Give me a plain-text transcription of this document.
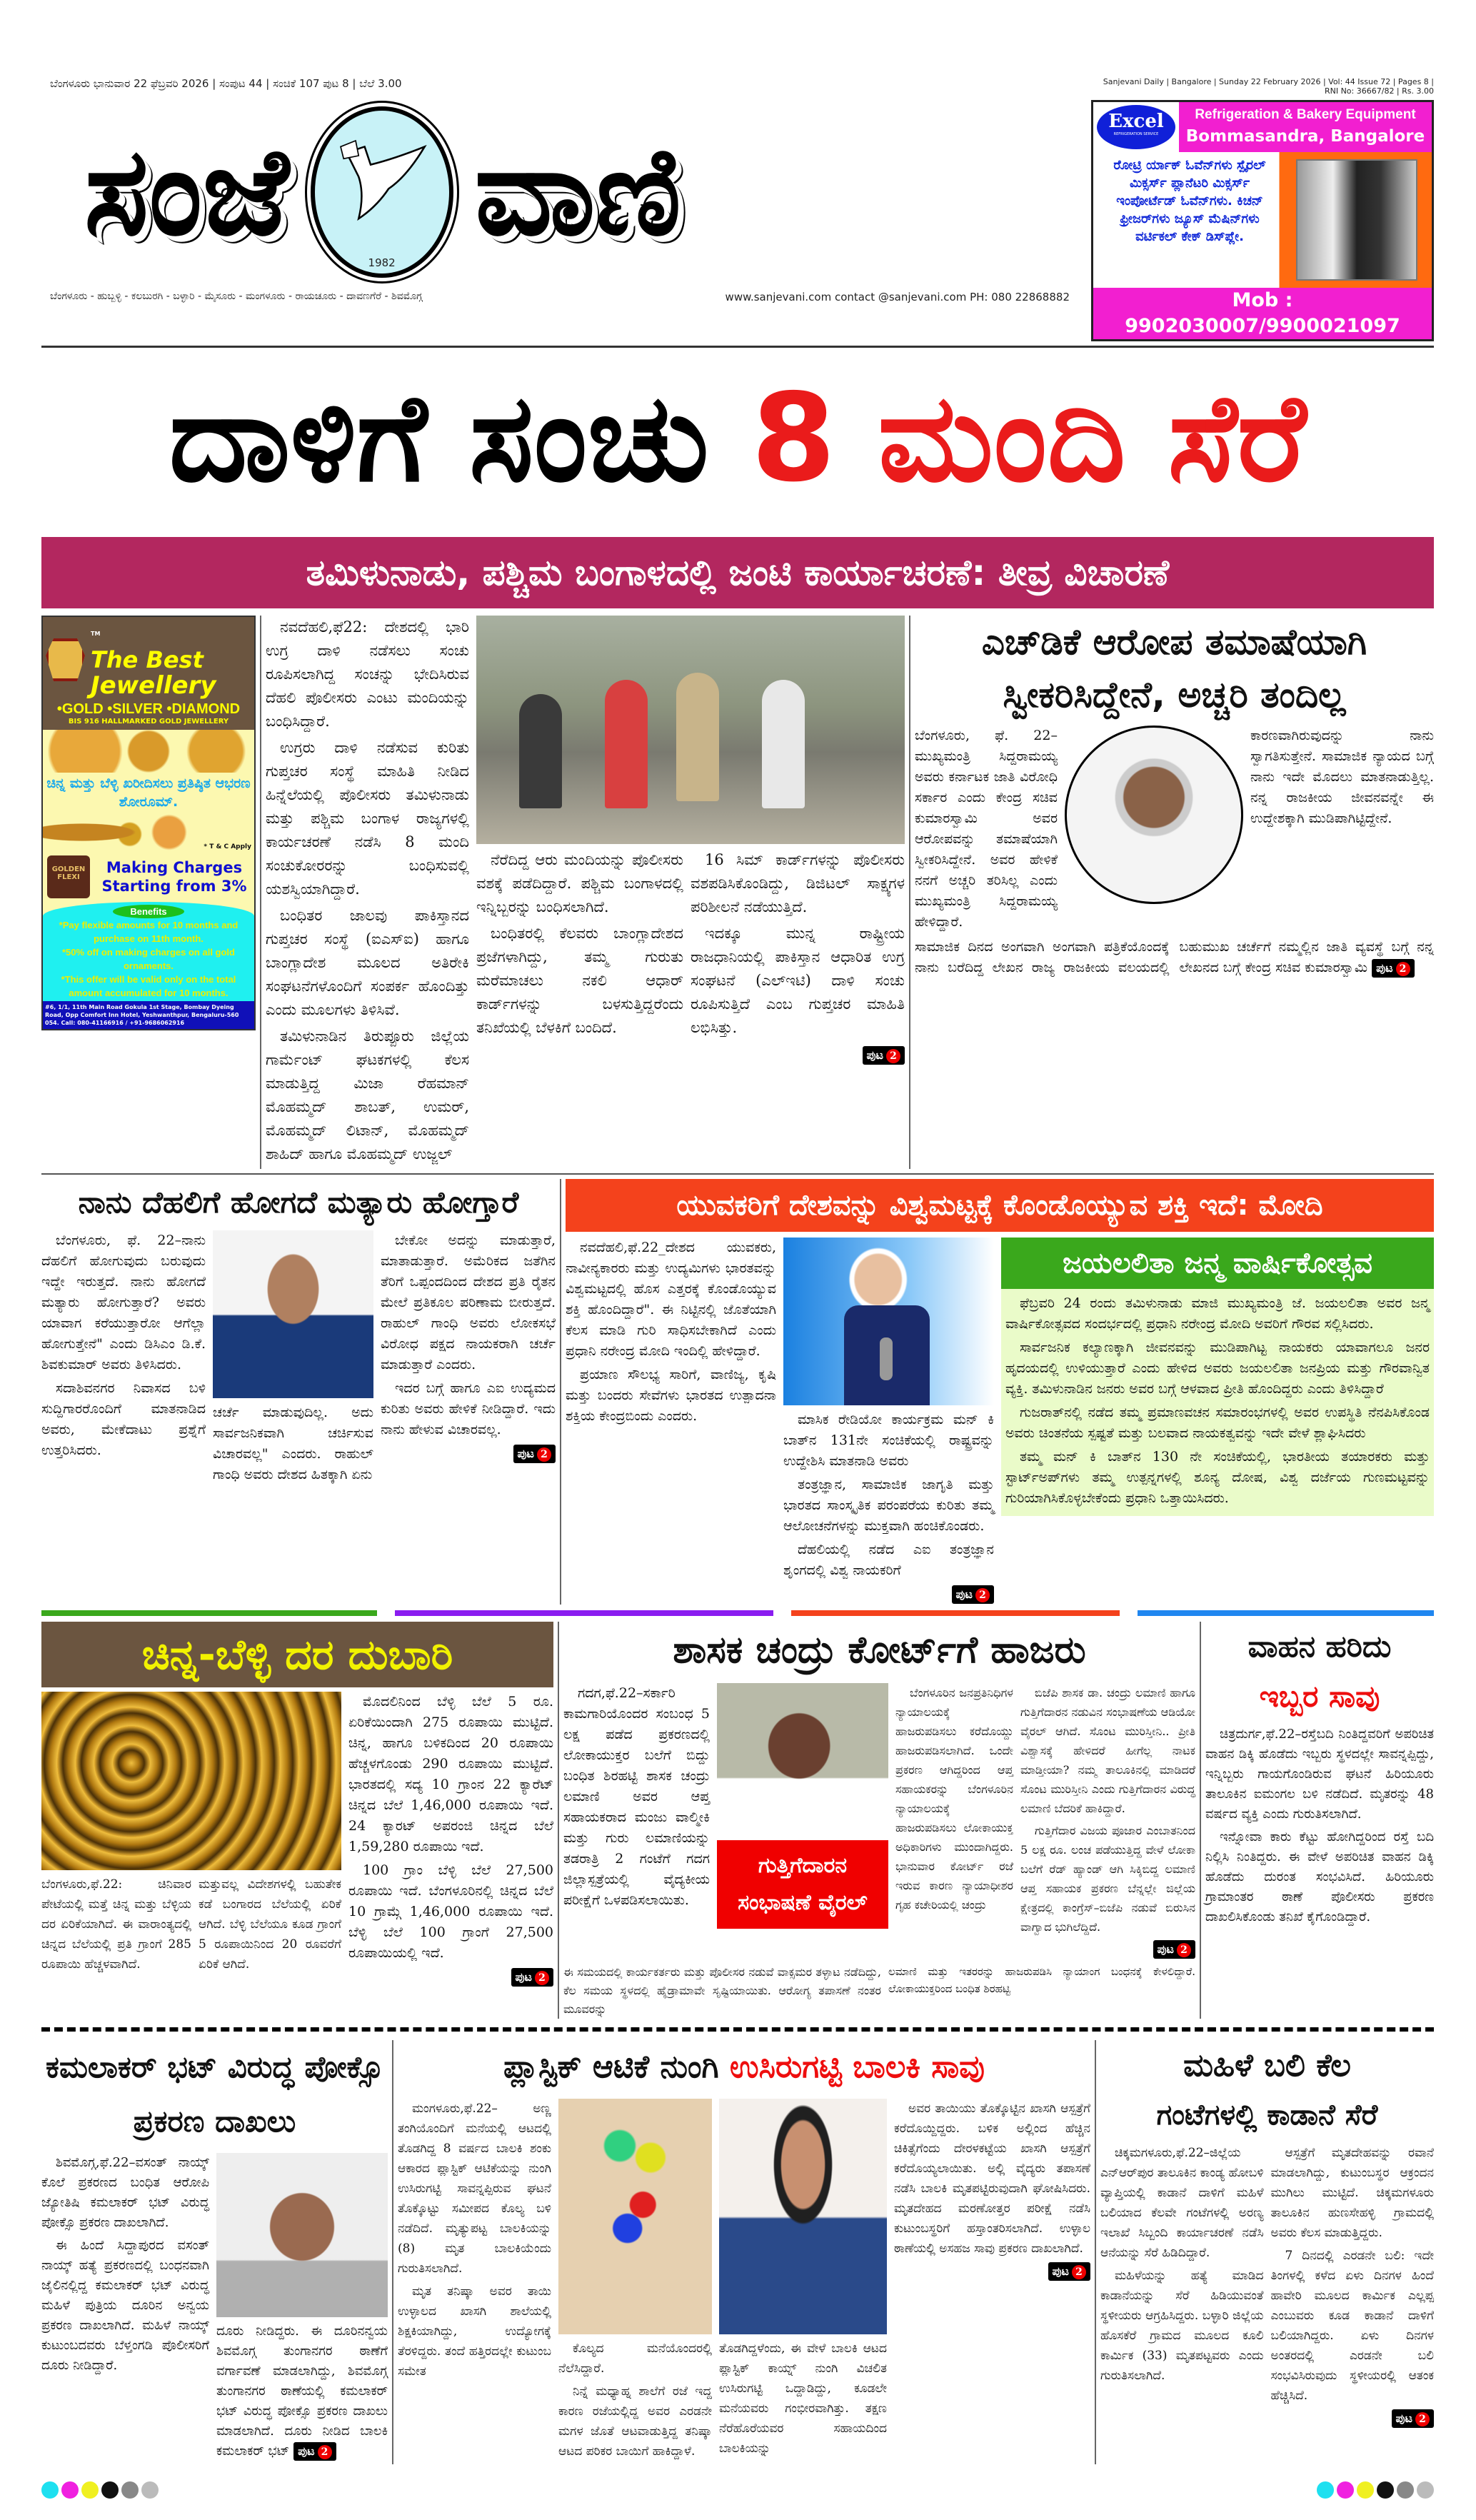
ಬೆಂಗಳೂರು ಭಾನುವಾರ 22 ಫೆಬ್ರವರಿ 2026 | ಸಂಪುಟ 44 | ಸಂಚಿಕೆ 107 ಪುಟ 8 | ಬೆಲೆ 3.00
ಸಂಜೆ	1982 ವಾಣಿ
ಬೆಂಗಳೂರು - ಹುಬ್ಬಳ್ಳಿ - ಕಲಬುರಗಿ - ಬಳ್ಳಾರಿ - ಮೈಸೂರು - ಮಂಗಳೂರು - ರಾಯಚೂರು - ದಾವಣಗೆರೆ - ಶಿವಮೊಗ್ಗ	www.sanjevani.com contact @sanjevani.com PH: 080 22868882
Sanjevani Daily | Bangalore | Sunday 22 February 2026 | Vol: 44 Issue 72 | Pages 8 | RNI No: 36667/82 | Rs. 3.00
Excel
REFRIGERATION SERVICE
Refrigeration & Bakery Equipment
Bommasandra, Bangalore
ರೋಟ್ರಿ ರ್ಯಾಕ್ ಓವೆನ್‌ಗಳು ಸ್ಪೈರಲ್ ಮಿಕ್ಸರ್ಸ್ ಪ್ಲಾನೆಟರಿ ಮಿಕ್ಸರ್ಸ್ ಇಂಪೋರ್ಟೆಡ್ ಓವೆನ್‌ಗಳು. ಕಿಚನ್ ಫ್ರೀಜರ್‌ಗಳು ಜ್ಯೂಸ್ ಮೆಷಿನ್‌ಗಳು ವರ್ಟಿಕಲ್ ಕೇಕ್ ಡಿಸ್‌ಪ್ಲೇ.
Mob : 9902030007/9900021097
ದಾಳಿಗೆ ಸಂಚು 8 ಮಂದಿ ಸೆರೆ
ತಮಿಳುನಾಡು, ಪಶ್ಚಿಮ ಬಂಗಾಳದಲ್ಲಿ ಜಂಟಿ ಕಾರ್ಯಾಚರಣೆ: ತೀವ್ರ ವಿಚಾರಣೆ
™
The Best
Jewellery
•GOLD •SILVER •DIAMOND
BIS 916 HALLMARKED GOLD JEWELLERY
ಚಿನ್ನ ಮತ್ತು ಬೆಳ್ಳಿ ಖರೀದಿಸಲು ಪ್ರತಿಷ್ಠಿತ ಆಭರಣ ಶೋರೂಮ್.
* T & C Apply
GOLDEN FLEXI
Making Charges Starting from 3%
Benefits
*Pay flexible amounts for 10 months and purchase on 11th month.
*50% off on making charges on all gold ornaments.
*This offer will be valid only on the total amount accumulated for 10 months.
#6, 1/1, 11th Main Road Gokula 1st Stage, Bombay Dyeing Road, Opp Comfort Inn Hotel, Yeshwanthpur, Bengaluru-560 054. Call: 080-41166916 / +91-9686062916

ನವದೆಹಲಿ,ಫೆ22: ದೇಶದಲ್ಲಿ ಭಾರಿ ಉಗ್ರ ದಾಳಿ ನಡೆಸಲು ಸಂಚು ರೂಪಿಸಲಾಗಿದ್ದ ಸಂಚನ್ನು ಭೇದಿಸಿರುವ ದೆಹಲಿ ಪೊಲೀಸರು ಎಂಟು ಮಂದಿಯನ್ನು ಬಂಧಿಸಿದ್ದಾರೆ.

ಉಗ್ರರು ದಾಳಿ ನಡೆಸುವ ಕುರಿತು ಗುಪ್ತಚರ ಸಂಸ್ಥೆ ಮಾಹಿತಿ ನೀಡಿದ ಹಿನ್ನೆಲೆಯಲ್ಲಿ ಪೊಲೀಸರು ತಮಿಳುನಾಡು ಮತ್ತು ಪಶ್ಚಿಮ ಬಂಗಾಳ ರಾಜ್ಯಗಳಲ್ಲಿ ಕಾರ್ಯಚರಣೆ ನಡೆಸಿ 8 ಮಂದಿ ಸಂಚುಕೋರರನ್ನು ಬಂಧಿಸುವಲ್ಲಿ ಯಶಸ್ವಿಯಾಗಿದ್ದಾರೆ.

ಬಂಧಿತರ ಜಾಲವು ಪಾಕಿಸ್ತಾನದ ಗುಪ್ತಚರ ಸಂಸ್ಥೆ (ಐಎಸ್‌ಐ) ಹಾಗೂ ಬಾಂಗ್ಲಾದೇಶ ಮೂಲದ ಅತಿರೇಕಿ ಸಂಘಟನೆಗಳೊಂದಿಗೆ ಸಂಪರ್ಕ ಹೊಂದಿತ್ತು ಎಂದು ಮೂಲಗಳು ತಿಳಿಸಿವೆ.

ತಮಿಳುನಾಡಿನ ತಿರುಪ್ಪೂರು ಜಿಲ್ಲೆಯ ಗಾರ್ಮೆಂಟ್ ಘಟಕಗಳಲ್ಲಿ ಕೆಲಸ ಮಾಡುತ್ತಿದ್ದ ಮಿಜಾ ರೆಹಮಾನ್ ಮೊಹಮ್ಮದ್ ಶಾಬತ್, ಉಮರ್, ಮೊಹಮ್ಮದ್ ಲಿಟಾನ್, ಮೊಹಮ್ಮದ್ ಶಾಹಿದ್ ಹಾಗೂ ಮೊಹಮ್ಮದ್ ಉಜ್ಜಲ್

ನೆರೆದಿದ್ದ ಆರು ಮಂದಿಯನ್ನು ಪೊಲೀಸರು ವಶಕ್ಕೆ ಪಡೆದಿದ್ದಾರೆ. ಪಶ್ಚಿಮ ಬಂಗಾಳದಲ್ಲಿ ಇನ್ನಿಬ್ಬರನ್ನು ಬಂಧಿಸಲಾಗಿದೆ.

ಬಂಧಿತರಲ್ಲಿ ಕೆಲವರು ಬಾಂಗ್ಲಾದೇಶದ ಪ್ರಜೆಗಳಾಗಿದ್ದು, ತಮ್ಮ ಗುರುತು ಮರೆಮಾಚಲು ನಕಲಿ ಆಧಾರ್ ಕಾರ್ಡ್‌ಗಳನ್ನು ಬಳಸುತ್ತಿದ್ದರೆಂದು ತನಿಖೆಯಲ್ಲಿ ಬೆಳಕಿಗೆ ಬಂದಿದೆ.

16 ಸಿಮ್ ಕಾರ್ಡ್‌ಗಳನ್ನು ಪೊಲೀಸರು ವಶಪಡಿಸಿಕೊಂಡಿದ್ದು, ಡಿಜಿಟಲ್ ಸಾಕ್ಷ್ಯಗಳ ಪರಿಶೀಲನೆ ನಡೆಯುತ್ತಿದೆ.

ಇದಕ್ಕೂ ಮುನ್ನ ರಾಷ್ಟ್ರೀಯ ರಾಜಧಾನಿಯಲ್ಲಿ ಪಾಕಿಸ್ತಾನ ಆಧಾರಿತ ಉಗ್ರ ಸಂಘಟನೆ (ಎಲ್‌ಇಟಿ) ದಾಳಿ ಸಂಚು ರೂಪಿಸುತ್ತಿದೆ ಎಂಬ ಗುಪ್ತಚರ ಮಾಹಿತಿ ಲಭಿಸಿತ್ತು.

ಪುಟ 2
ಎಚ್‌ಡಿಕೆ ಆರೋಪ ತಮಾಷೆಯಾಗಿ ಸ್ವೀಕರಿಸಿದ್ದೇನೆ, ಅಚ್ಚರಿ ತಂದಿಲ್ಲ
ಬೆಂಗಳೂರು, ಫೆ. 22– ಮುಖ್ಯಮಂತ್ರಿ ಸಿದ್ದರಾಮಯ್ಯ ಅವರು ಕರ್ನಾಟಕ ಜಾತಿ ವಿರೋಧಿ ಸರ್ಕಾರ ಎಂದು ಕೇಂದ್ರ ಸಚಿವ ಕುಮಾರಸ್ವಾಮಿ ಅವರ ಆರೋಪವನ್ನು ತಮಾಷೆಯಾಗಿ ಸ್ವೀಕರಿಸಿದ್ದೇನೆ. ಅವರ ಹೇಳಿಕೆ ನನಗೆ ಅಚ್ಚರಿ ತರಿಸಿಲ್ಲ ಎಂದು ಮುಖ್ಯಮಂತ್ರಿ ಸಿದ್ದರಾಮಯ್ಯ ಹೇಳಿದ್ದಾರೆ.
ಕಾರಣವಾಗಿರುವುದನ್ನು ನಾನು ಸ್ವಾಗತಿಸುತ್ತೇನೆ. ಸಾಮಾಜಿಕ ನ್ಯಾಯದ ಬಗ್ಗೆ ನಾನು ಇದೇ ಮೊದಲು ಮಾತನಾಡುತ್ತಿಲ್ಲ. ನನ್ನ ರಾಜಕೀಯ ಜೀವನವನ್ನೇ ಈ ಉದ್ದೇಶಕ್ಕಾಗಿ ಮುಡಿಪಾಗಿಟ್ಟಿದ್ದೇನೆ.
ಸಾಮಾಜಿಕ ದಿನದ ಅಂಗವಾಗಿ ಅಂಗವಾಗಿ ಪತ್ರಿಕೆಯೊಂದಕ್ಕೆ ನಾನು ಬರೆದಿದ್ದ ಲೇಖನ ರಾಜ್ಯ ರಾಜಕೀಯ ವಲಯದಲ್ಲಿ ಬಹುಮುಖ ಚರ್ಚೆಗೆ ನಮ್ಮಲ್ಲಿನ ಜಾತಿ ವ್ಯವಸ್ಥೆ ಬಗ್ಗೆ ನನ್ನ ಲೇಖನದ ಬಗ್ಗೆ ಕೇಂದ್ರ ಸಚಿವ ಕುಮಾರಸ್ವಾಮಿ ಪುಟ 2
ನಾನು ದೆಹಲಿಗೆ ಹೋಗದೆ ಮತ್ಯಾರು ಹೋಗ್ತಾರೆ

ಬೆಂಗಳೂರು, ಫೆ. 22–ನಾನು ದೆಹಲಿಗೆ ಹೋಗುವುದು ಬರುವುದು ಇದ್ದೇ ಇರುತ್ತದೆ. ನಾನು ಹೋಗದೆ ಮತ್ಯಾರು ಹೋಗುತ್ತಾರೆ? ಅವರು ಯಾವಾಗ ಕರೆಯುತ್ತಾರೋ ಆಗೆಲ್ಲಾ ಹೋಗುತ್ತೇನೆ" ಎಂದು ಡಿಸಿಎಂ ಡಿ.ಕೆ. ಶಿವಕುಮಾರ್ ಅವರು ತಿಳಿಸಿದರು.

ಸದಾಶಿವನಗರ ನಿವಾಸದ ಬಳಿ ಸುದ್ದಿಗಾರರೊಂದಿಗೆ ಮಾತನಾಡಿದ ಅವರು, ಮೇಕೆದಾಟು ಪ್ರಶ್ನೆಗೆ ಉತ್ತರಿಸಿದರು.

ಚರ್ಚೆ ಮಾಡುವುದಿಲ್ಲ. ಅದು ಸಾರ್ವಜನಿಕವಾಗಿ ಚರ್ಚಿಸುವ ವಿಚಾರವಲ್ಲ" ಎಂದರು. ರಾಹುಲ್ ಗಾಂಧಿ ಅವರು ದೇಶದ ಹಿತಕ್ಕಾಗಿ ಏನು

ಬೇಕೋ ಅದನ್ನು ಮಾಡುತ್ತಾರೆ, ಮಾತಾಡುತ್ತಾರೆ. ಅಮೆರಿಕದ ಜತೆಗಿನ ತೆರಿಗೆ ಒಪ್ಪಂದದಿಂದ ದೇಶದ ಪ್ರತಿ ರೈತನ ಮೇಲೆ ಪ್ರತಿಕೂಲ ಪರಿಣಾಮ ಬೀರುತ್ತದೆ. ರಾಹುಲ್ ಗಾಂಧಿ ಅವರು ಲೋಕಸಭೆ ವಿರೋಧ ಪಕ್ಷದ ನಾಯಕರಾಗಿ ಚರ್ಚೆ ಮಾಡುತ್ತಾರೆ ಎಂದರು.

ಇದರ ಬಗ್ಗೆ ಹಾಗೂ ಎಐ ಉದ್ಯಮದ ಕುರಿತು ಅವರು ಹೇಳಿಕೆ ನೀಡಿದ್ದಾರೆ. ಇದು ನಾನು ಹೇಳುವ ವಿಚಾರವಲ್ಲ.

ಪುಟ 2
ಯುವಕರಿಗೆ ದೇಶವನ್ನು ವಿಶ್ವಮಟ್ಟಕ್ಕೆ ಕೊಂಡೊಯ್ಯುವ ಶಕ್ತಿ ಇದೆ: ಮೋದಿ

ನವದೆಹಲಿ,ಫೆ.22_ದೇಶದ ಯುವಕರು, ನಾವೀನ್ಯಕಾರರು ಮತ್ತು ಉದ್ಯಮಿಗಳು ಭಾರತವನ್ನು ವಿಶ್ವಮಟ್ಟದಲ್ಲಿ ಹೊಸ ಎತ್ತರಕ್ಕೆ ಕೊಂಡೊಯ್ಯುವ ಶಕ್ತಿ ಹೊಂದಿದ್ದಾರೆ". ಈ ನಿಟ್ಟಿನಲ್ಲಿ ಜೊತೆಯಾಗಿ ಕೆಲಸ ಮಾಡಿ ಗುರಿ ಸಾಧಿಸಬೇಕಾಗಿದೆ ಎಂದು ಪ್ರಧಾನಿ ನರೇಂದ್ರ ಮೋದಿ ಇಂದಿಲ್ಲಿ ಹೇಳಿದ್ದಾರೆ.

ಪ್ರಯಾಣ ಸೌಲಭ್ಯ ಸಾರಿಗೆ, ವಾಣಿಜ್ಯ, ಕೃಷಿ ಮತ್ತು ಬಂದರು ಸೇವೆಗಳು ಭಾರತದ ಉತ್ಪಾದನಾ ಶಕ್ತಿಯ ಕೇಂದ್ರಬಿಂದು ಎಂದರು.	ಮಾಸಿಕ ರೇಡಿಯೋ ಕಾರ್ಯಕ್ರಮ ಮನ್ ಕಿ ಬಾತ್‌ನ 131ನೇ ಸಂಚಿಕೆಯಲ್ಲಿ ರಾಷ್ಟ್ರವನ್ನು ಉದ್ದೇಶಿಸಿ ಮಾತನಾಡಿ ಅವರು

ತಂತ್ರಜ್ಞಾನ, ಸಾಮಾಜಿಕ ಜಾಗೃತಿ ಮತ್ತು ಭಾರತದ ಸಾಂಸ್ಕೃತಿಕ ಪರಂಪರೆಯ ಕುರಿತು ತಮ್ಮ ಆಲೋಚನೆಗಳನ್ನು ಮುಕ್ತವಾಗಿ ಹಂಚಿಕೊಂಡರು.

ದೆಹಲಿಯಲ್ಲಿ ನಡೆದ ಎಐ ತಂತ್ರಜ್ಞಾನ ಶೃಂಗದಲ್ಲಿ ವಿಶ್ವ ನಾಯಕರಿಗೆ

ಪುಟ 2
ಜಯಲಲಿತಾ ಜನ್ಮ ವಾರ್ಷಿಕೋತ್ಸವ

ಫೆಬ್ರವರಿ 24 ರಂದು ತಮಿಳುನಾಡು ಮಾಜಿ ಮುಖ್ಯಮಂತ್ರಿ ಜೆ. ಜಯಲಲಿತಾ ಅವರ ಜನ್ಮ ವಾರ್ಷಿಕೋತ್ಸವದ ಸಂದರ್ಭದಲ್ಲಿ ಪ್ರಧಾನಿ ನರೇಂದ್ರ ಮೋದಿ ಅವರಿಗೆ ಗೌರವ ಸಲ್ಲಿಸಿದರು.

ಸಾರ್ವಜನಿಕ ಕಲ್ಯಾಣಕ್ಕಾಗಿ ಜೀವನವನ್ನು ಮುಡಿಪಾಗಿಟ್ಟ ನಾಯಕರು ಯಾವಾಗಲೂ ಜನರ ಹೃದಯದಲ್ಲಿ ಉಳಿಯುತ್ತಾರೆ ಎಂದು ಹೇಳಿದ ಅವರು ಜಯಲಲಿತಾ ಜನಪ್ರಿಯ ಮತ್ತು ಗೌರವಾನ್ವಿತ ವ್ಯಕ್ತಿ. ತಮಿಳುನಾಡಿನ ಜನರು ಅವರ ಬಗ್ಗೆ ಆಳವಾದ ಪ್ರೀತಿ ಹೊಂದಿದ್ದರು ಎಂದು ತಿಳಿಸಿದ್ದಾರೆ

ಗುಜರಾತ್‌ನಲ್ಲಿ ನಡೆದ ತಮ್ಮ ಪ್ರಮಾಣವಚನ ಸಮಾರಂಭಗಳಲ್ಲಿ ಅವರ ಉಪಸ್ಥಿತಿ ನೆನಪಿಸಿಕೊಂಡ ಅವರು ಚಿಂತನೆಯ ಸ್ಪಷ್ಟತೆ ಮತ್ತು ಬಲವಾದ ನಾಯಕತ್ವವನ್ನು ಇದೇ ವೇಳೆ ಶ್ಲಾಘಿಸಿದರು

ತಮ್ಮ ಮನ್ ಕಿ ಬಾತ್‌ನ 130 ನೇ ಸಂಚಿಕೆಯಲ್ಲಿ, ಭಾರತೀಯ ತಯಾರಕರು ಮತ್ತು ಸ್ಟಾರ್ಟ್‌ಅಪ್‌ಗಳು ತಮ್ಮ ಉತ್ಪನ್ನಗಳಲ್ಲಿ ಶೂನ್ಯ ದೋಷ, ವಿಶ್ವ ದರ್ಜೆಯ ಗುಣಮಟ್ಟವನ್ನು ಗುರಿಯಾಗಿಸಿಕೊಳ್ಳಬೇಕೆಂದು ಪ್ರಧಾನಿ ಒತ್ತಾಯಿಸಿದರು.

ಚಿನ್ನ-ಬೆಳ್ಳಿ ದರ ದುಬಾರಿ
ಬೆಂಗಳೂರು,ಫೆ.22: ಚಿನಿವಾರ ಪೇಟೆಯಲ್ಲಿ ಮತ್ತೆ ಚಿನ್ನ ಮತ್ತು ಬೆಳ್ಳಿಯ ದರ ಏರಿಕೆಯಾಗಿದೆ. ಈ ವಾರಾಂತ್ಯದಲ್ಲಿ ಚಿನ್ನದ ಬೆಲೆಯಲ್ಲಿ ಪ್ರತಿ ಗ್ರಾಂಗೆ 285 ರೂಪಾಯಿ ಹೆಚ್ಚಳವಾಗಿದೆ.
ಮತ್ತುವಲ್ಲ ವಿದೇಶಗಳಲ್ಲಿ ಬಹುತೇಕ ಕಡೆ ಬಂಗಾರದ ಬೆಲೆಯಲ್ಲಿ ಏರಿಕೆ ಆಗಿದೆ. ಬೆಳ್ಳಿ ಬೆಲೆಯೂ ಕೂಡ ಗ್ರಾಂಗೆ 5 ರೂಪಾಯಿನಿಂದ 20 ರೂವರೆಗೆ ಏರಿಕೆ ಆಗಿದೆ.

ಮೊದಲಿನಿಂದ ಬೆಳ್ಳಿ ಬೆಲೆ 5 ರೂ. ಏರಿಕೆಯಿಂದಾಗಿ 275 ರೂಪಾಯಿ ಮುಟ್ಟಿದೆ. ಚಿನ್ನ, ಹಾಗೂ ಬಳಿಕದಿಂದ 20 ರೂಪಾಯಿ ಹೆಚ್ಚಳಗೊಂಡು 290 ರೂಪಾಯಿ ಮುಟ್ಟಿದೆ. ಭಾರತದಲ್ಲಿ ಸದ್ಯ 10 ಗ್ರಾಂನ 22 ಕ್ಯಾರೆಟ್ ಚಿನ್ನದ ಬೆಲೆ 1,46,000 ರೂಪಾಯಿ ಇದೆ. 24 ಕ್ಯಾರಟ್ ಅಪರಂಜಿ ಚಿನ್ನದ ಬೆಲೆ 1,59,280 ರೂಪಾಯಿ ಇದೆ.

100 ಗ್ರಾಂ ಬೆಳ್ಳಿ ಬೆಲೆ 27,500 ರೂಪಾಯಿ ಇದೆ. ಬೆಂಗಳೂರಿನಲ್ಲಿ ಚಿನ್ನದ ಬೆಲೆ 10 ಗ್ರಾಮ್ಗೆ 1,46,000 ರೂಪಾಯಿ ಇದೆ. ಬೆಳ್ಳಿ ಬೆಲೆ 100 ಗ್ರಾಂಗೆ 27,500 ರೂಪಾಯಿಯಲ್ಲಿ ಇದೆ.

ಪುಟ 2
ಶಾಸಕ ಚಂದ್ರು ಕೋರ್ಟ್‌ಗೆ ಹಾಜರು

ಗದಗ,ಫೆ.22–ಸರ್ಕಾರಿ ಕಾಮಗಾರಿಯೊಂದರ ಸಂಬಂಧ 5 ಲಕ್ಷ ಪಡೆದ ಪ್ರಕರಣದಲ್ಲಿ ಲೋಕಾಯುಕ್ತರ ಬಲೆಗೆ ಬಿದ್ದು ಬಂಧಿತ ಶಿರಹಟ್ಟಿ ಶಾಸಕ ಚಂದ್ರು ಲಮಾಣಿ ಅವರ ಆಪ್ತ ಸಹಾಯಕರಾದ ಮಂಜು ವಾಲ್ಮೀಕಿ ಮತ್ತು ಗುರು ಲಮಾಣಿಯನ್ನು ತಡರಾತ್ರಿ 2 ಗಂಟೆಗೆ ಗದಗ ಜಿಲ್ಲಾಸ್ಪತ್ರೆಯಲ್ಲಿ ವೈದ್ಯಕೀಯ ಪರೀಕ್ಷೆಗೆ ಒಳಪಡಿಸಲಾಯಿತು.

ಗುತ್ತಿಗೆದಾರನ ಸಂಭಾಷಣೆ ವೈರಲ್

ಬೆಂಗಳೂರಿನ ಜನಪ್ರತಿನಿಧಿಗಳ ನ್ಯಾಯಾಲಯಕ್ಕೆ ಹಾಜರುಪಡಿಸಲು ಕರೆದೊಯ್ದು ಹಾಜರುಪಡಿಸಲಾಗಿದೆ. ಒಂದೇ ಪ್ರಕರಣ ಆಗಿದ್ದರಿಂದ ಆಪ್ತ ಸಹಾಯಕರನ್ನು ಬೆಂಗಳೂರಿನ ನ್ಯಾಯಾಲಯಕ್ಕೆ ಹಾಜರುಪಡಿಸಲು ಲೋಕಾಯುಕ್ತ ಅಧಿಕಾರಿಗಳು ಮುಂದಾಗಿದ್ದರು. ಭಾನುವಾರ ಕೋರ್ಟ್ ರಜೆ ಇರುವ ಕಾರಣ ನ್ಯಾಯಾಧೀಶರ ಗೃಹ ಕಚೇರಿಯಲ್ಲಿ ಚಂದ್ರು

ಬಿಜೆಪಿ ಶಾಸಕ ಡಾ. ಚಂದ್ರು ಲಮಾಣಿ ಹಾಗೂ ಗುತ್ತಿಗೆದಾರನ ನಡುವಿನ ಸಂಭಾಷಣೆಯ ಆಡಿಯೋ ವೈರಲ್ ಆಗಿದೆ. ಸೊಂಟ ಮುರಿಸ್ತೀನಿ.. ಪ್ರೀತಿ ವಿಶ್ವಾಸಕ್ಕೆ ಹೇಳಿದರೆ ಹೀಗೆಲ್ಲ ನಾಟಕ ಮಾಡ್ತೀಯಾ? ನಮ್ಮ ತಾಲೂಕಿನಲ್ಲಿ ಮಾಡಿದರೆ ಸೊಂಟ ಮುರಿಸ್ತೀನಿ ಎಂದು ಗುತ್ತಿಗೆದಾರನ ವಿರುದ್ಧ ಲಮಾಣಿ ಬೆದರಿಕೆ ಹಾಕಿದ್ದಾರೆ.

ಗುತ್ತಿಗೆದಾರ ವಿಜಯ ಪೂಜಾರ ಎಂಬಾತನಿಂದ 5 ಲಕ್ಷ ರೂ. ಲಂಚ ಪಡೆಯುತ್ತಿದ್ದ ವೇಳೆ ಲೋಕಾ ಬಲೆಗೆ ರೆಡ್ ಹ್ಯಾಂಡ್ ಆಗಿ ಸಿಕ್ಕಿಬಿದ್ದ ಲಮಾಣಿ ಆಪ್ತ ಸಹಾಯಕ ಪ್ರಕರಣ ಬೆನ್ನಲ್ಲೇ ಜಿಲ್ಲೆಯ ಕ್ಷೇತ್ರದಲ್ಲಿ ಕಾಂಗ್ರೆಸ್–ಬಿಜೆಪಿ ನಡುವೆ ಬಿರುಸಿನ ವಾಗ್ವಾದ ಭುಗಿಲೆದ್ದಿದೆ.

ಪುಟ 2
ಈ ಸಮಯದಲ್ಲಿ ಕಾರ್ಯಕರ್ತರು ಮತ್ತು ಪೊಲೀಸರ ನಡುವೆ ವಾಕ್ಸಮರ ತಳ್ಳಾಟ ನಡೆದಿದ್ದು, ಕೆಲ ಸಮಯ ಸ್ಥಳದಲ್ಲಿ ಹೈಡ್ರಾಮಾವೇ ಸೃಷ್ಟಿಯಾಯಿತು. ಆರೋಗ್ಯ ತಪಾಸಣೆ ನಂತರ ಮೂವರನ್ನು
ಲಮಾಣಿ ಮತ್ತು ಇತರರನ್ನು ಹಾಜರುಪಡಿಸಿ ನ್ಯಾಯಾಂಗ ಬಂಧನಕ್ಕೆ ಕೇಳಲಿದ್ದಾರೆ. ಲೋಕಾಯುಕ್ತರಿಂದ ಬಂಧಿತ ಶಿರಹಟ್ಟಿ
ವಾಹನ ಹರಿದು
ಇಬ್ಬರ ಸಾವು

ಚಿತ್ರದುರ್ಗ,ಫೆ.22–ರಸ್ತೆಬದಿ ನಿಂತಿದ್ದವರಿಗೆ ಅಪರಿಚಿತ ವಾಹನ ಡಿಕ್ಕಿ ಹೊಡೆದು ಇಬ್ಬರು ಸ್ಥಳದಲ್ಲೇ ಸಾವನ್ನಪ್ಪಿದ್ದು, ಇನ್ನಿಬ್ಬರು ಗಾಯಗೊಂಡಿರುವ ಘಟನೆ ಹಿರಿಯೂರು ತಾಲೂಕಿನ ಐಮಂಗಲ ಬಳಿ ನಡೆದಿದೆ. ಮೃತರನ್ನು 48 ವರ್ಷದ ವ್ಯಕ್ತಿ ಎಂದು ಗುರುತಿಸಲಾಗಿದೆ.

ಇನ್ನೋವಾ ಕಾರು ಕೆಟ್ಟು ಹೋಗಿದ್ದರಿಂದ ರಸ್ತೆ ಬದಿ ನಿಲ್ಲಿಸಿ ನಿಂತಿದ್ದರು. ಈ ವೇಳೆ ಅಪರಿಚಿತ ವಾಹನ ಡಿಕ್ಕಿ ಹೊಡೆದು ದುರಂತ ಸಂಭವಿಸಿದೆ. ಹಿರಿಯೂರು ಗ್ರಾಮಾಂತರ ಠಾಣೆ ಪೊಲೀಸರು ಪ್ರಕರಣ ದಾಖಲಿಸಿಕೊಂಡು ತನಿಖೆ ಕೈಗೊಂಡಿದ್ದಾರೆ.

ಕಮಲಾಕರ್ ಭಟ್ ವಿರುದ್ಧ ಪೋಕ್ಸೊ ಪ್ರಕರಣ ದಾಖಲು

ಶಿವಮೊಗ್ಗ,ಫೆ.22–ವಸಂತ್ ನಾಯ್ಕ್ ಕೊಲೆ ಪ್ರಕರಣದ ಬಂಧಿತ ಆರೋಪಿ ಜ್ಯೋತಿಷಿ ಕಮಲಾಕರ್ ಭಟ್ ವಿರುದ್ಧ ಪೋಕ್ಸೊ ಪ್ರಕರಣ ದಾಖಲಾಗಿದೆ.

ಈ ಹಿಂದೆ ಸಿದ್ದಾಪುರದ ವಸಂತ್ ನಾಯ್ಕ್ ಹತ್ಯೆ ಪ್ರಕರಣದಲ್ಲಿ ಬಂಧನವಾಗಿ ಜೈಲಿನಲ್ಲಿದ್ದ ಕಮಲಾಕರ್ ಭಟ್ ವಿರುದ್ಧ ಮಹಿಳೆ ಪುತ್ರಿಯ ದೂರಿನ ಅನ್ವಯ ಪ್ರಕರಣ ದಾಖಲಾಗಿದೆ. ಮಹಿಳೆ ನಾಯ್ಕ್ ಕುಟುಂಬದವರು ಬೆಳ್ತಂಗಡಿ ಪೊಲೀಸರಿಗೆ ದೂರು ನೀಡಿದ್ದಾರೆ.

ದೂರು ನೀಡಿದ್ದರು. ಈ ದೂರಿನನ್ವಯ ಶಿವಮೊಗ್ಗ ತುಂಗಾನಗರ ಠಾಣೆಗೆ ವರ್ಗಾವಣೆ ಮಾಡಲಾಗಿದ್ದು, ಶಿವಮೊಗ್ಗ ತುಂಗಾನಗರ ಠಾಣೆಯಲ್ಲಿ ಕಮಲಾಕರ್ ಭಟ್ ವಿರುದ್ಧ ಪೋಕ್ಸೊ ಪ್ರಕರಣ ದಾಖಲು ಮಾಡಲಾಗಿದೆ. ದೂರು ನೀಡಿದ ಬಾಲಕಿ ಕಮಲಾಕರ್ ಭಟ್ ಪುಟ 2
ಪ್ಲಾಸ್ಟಿಕ್ ಆಟಿಕೆ ನುಂಗಿ ಉಸಿರುಗಟ್ಟಿ ಬಾಲಕಿ ಸಾವು

ಮಂಗಳೂರು,ಫೆ.22– ಅಣ್ಣ ತಂಗಿಯೊಂದಿಗೆ ಮನೆಯಲ್ಲಿ ಆಟದಲ್ಲಿ ತೊಡಗಿದ್ದ 8 ವರ್ಷದ ಬಾಲಕಿ ಶಂಕು ಆಕಾರದ ಪ್ಲಾಸ್ಟಿಕ್ ಆಟಿಕೆಯನ್ನು ನುಂಗಿ ಉಸಿರುಗಟ್ಟಿ ಸಾವನ್ನಪ್ಪಿರುವ ಘಟನೆ ತೊಕ್ಕೊಟ್ಟು ಸಮೀಪದ ಕೊಲ್ಯ ಬಳಿ ನಡೆದಿದೆ. ಮೃತ್ಯುಪಟ್ಟ ಬಾಲಕಿಯನ್ನು (8) ಮೃತ ಬಾಲಕಿಯೆಂದು ಗುರುತಿಸಲಾಗಿದೆ.

ಮೃತ ತನಿಷ್ಕಾ ಅವರ ತಾಯಿ ಉಳ್ಳಾಲದ ಖಾಸಗಿ ಶಾಲೆಯಲ್ಲಿ ಶಿಕ್ಷಕಿಯಾಗಿದ್ದು, ಉದ್ಯೋಗಕ್ಕೆ ತೆರಳಿದ್ದರು. ತಂದೆ ಹತ್ತಿರದಲ್ಲೇ ಕುಟುಂಬ ಸಮೇತ

ಕೊಲ್ಯದ ಮನೆಯೊಂದರಲ್ಲಿ ನೆಲೆಸಿದ್ದಾರೆ.

ನಿನ್ನೆ ಮಧ್ಯಾಹ್ನ ಶಾಲೆಗೆ ರಜೆ ಇದ್ದ ಕಾರಣ ರಜೆಯಲ್ಲಿದ್ದ ಅವರ ಎರಡನೇ ಮಗಳ ಜೊತೆ ಆಟವಾಡುತ್ತಿದ್ದ ತನಿಷ್ಕಾ ಆಟದ ಪರಿಕರ ಬಾಯಿಗೆ ಹಾಕಿದ್ದಾಳೆ.

ತೊಡಗಿದ್ದಳೆಂದು, ಈ ವೇಳೆ ಬಾಲಕಿ ಆಟದ ಪ್ಲಾಸ್ಟಿಕ್ ಕಾಯ್ನ್ ನುಂಗಿ ವಿಚಲಿತ ಉಸಿರುಗಟ್ಟಿ ಒದ್ದಾಡಿದ್ದು, ಕೂಡಲೇ ಮನೆಯವರು ಗಂಭೀರವಾಗಿತ್ತು. ತಕ್ಷಣ ನೆರೆಹೊರೆಯವರ ಸಹಾಯದಿಂದ ಬಾಲಕಿಯನ್ನು

ಅವರ ತಾಯಿಯು ತೊಕ್ಕೊಟ್ಟಿನ ಖಾಸಗಿ ಆಸ್ಪತ್ರೆಗೆ ಕರೆದೊಯ್ದಿದ್ದರು. ಬಳಿಕ ಅಲ್ಲಿಂದ ಹೆಚ್ಚಿನ ಚಿಕಿತ್ಸೆಗೆಂದು ದೇರಳಕಟ್ಟೆಯ ಖಾಸಗಿ ಆಸ್ಪತ್ರೆಗೆ ಕರೆದೊಯ್ಯಲಾಯಿತು. ಅಲ್ಲಿ ವೈದ್ಯರು ತಪಾಸಣೆ ನಡೆಸಿ ಬಾಲಕಿ ಮೃತಪಟ್ಟಿರುವುದಾಗಿ ಘೋಷಿಸಿದರು. ಮೃತದೇಹದ ಮರಣೋತ್ತರ ಪರೀಕ್ಷೆ ನಡೆಸಿ ಕುಟುಂಬಸ್ಥರಿಗೆ ಹಸ್ತಾಂತರಿಸಲಾಗಿದೆ. ಉಳ್ಳಾಲ ಠಾಣೆಯಲ್ಲಿ ಅಸಹಜ ಸಾವು ಪ್ರಕರಣ ದಾಖಲಾಗಿದೆ.

ಪುಟ 2
ಮಹಿಳೆ ಬಲಿ ಕೆಲ
ಗಂಟೆಗಳಲ್ಲಿ ಕಾಡಾನೆ ಸೆರೆ

ಚಿಕ್ಕಮಗಳೂರು,ಫೆ.22–ಜಿಲ್ಲೆಯ ಎನ್‌ಆರ್‌ಪುರ ತಾಲೂಕಿನ ಕಾಂಡ್ಯ ಹೋಬಳಿ ವ್ಯಾಪ್ತಿಯಲ್ಲಿ ಕಾಡಾನೆ ದಾಳಿಗೆ ಮಹಿಳೆ ಬಲಿಯಾದ ಕೆಲವೇ ಗಂಟೆಗಳಲ್ಲಿ ಅರಣ್ಯ ಇಲಾಖೆ ಸಿಬ್ಬಂದಿ ಕಾರ್ಯಾಚರಣೆ ನಡೆಸಿ ಆನೆಯನ್ನು ಸೆರೆ ಹಿಡಿದಿದ್ದಾರೆ.

ಮಹಿಳೆಯನ್ನು ಹತ್ಯೆ ಮಾಡಿದ ಕಾಡಾನೆಯನ್ನು ಸೆರೆ ಹಿಡಿಯುವಂತೆ ಸ್ಥಳೀಯರು ಆಗ್ರಹಿಸಿದ್ದರು. ಬಳ್ಳಾರಿ ಜಿಲ್ಲೆಯ ಹೊಸಕೆರೆ ಗ್ರಾಮದ ಮೂಲದ ಕೂಲಿ ಕಾರ್ಮಿಕ (33) ಮೃತಪಟ್ಟವರು ಎಂದು ಗುರುತಿಸಲಾಗಿದೆ.

ಆಸ್ಪತ್ರೆಗೆ ಮೃತದೇಹವನ್ನು ರವಾನೆ ಮಾಡಲಾಗಿದ್ದು, ಕುಟುಂಬಸ್ಥರ ಆಕ್ರಂದನ ಮುಗಿಲು ಮುಟ್ಟಿದೆ. ಚಿಕ್ಕಮಗಳೂರು ತಾಲೂಕಿನ ಹುಣಸೇಹಳ್ಳಿ ಗ್ರಾಮದಲ್ಲಿ ಅವರು ಕೆಲಸ ಮಾಡುತ್ತಿದ್ದರು.

7 ದಿನದಲ್ಲಿ ಎರಡನೇ ಬಲಿ: ಇದೇ ತಿಂಗಳಲ್ಲಿ ಕಳೆದ ಏಳು ದಿನಗಳ ಹಿಂದೆ ಹಾವೇರಿ ಮೂಲದ ಕಾರ್ಮಿಕ ಎಲ್ಲಪ್ಪ ಎಂಬುವರು ಕೂಡ ಕಾಡಾನೆ ದಾಳಿಗೆ ಬಲಿಯಾಗಿದ್ದರು. ಏಳು ದಿನಗಳ ಅಂತರದಲ್ಲಿ ಎರಡನೇ ಬಲಿ ಸಂಭವಿಸಿರುವುದು ಸ್ಥಳೀಯರಲ್ಲಿ ಆತಂಕ ಹೆಚ್ಚಿಸಿದೆ.

ಪುಟ 2
